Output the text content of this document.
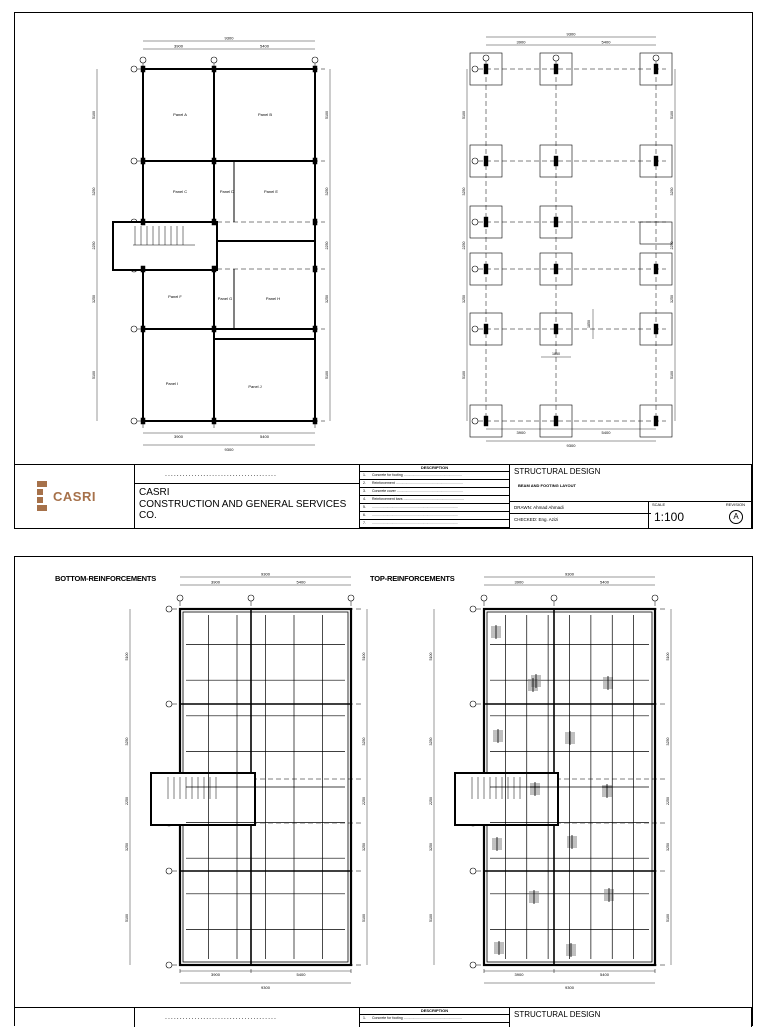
9300
3900	5400
3900	5400
9300
5100
3250
2250
3250
5100
5100
3250
2250
3250
5100
Panel A	Panel B
Panel C	Panel D	Panel E
Panel F	Panel G	Panel H
Panel I
Panel J
9300
3900	5400
3900	5400
9300
5100
3250
2250
3250
5100
5100
3250
2250
3250
5100
1850
1850
CASRI
......................................
CASRI
CONSTRUCTION AND GENERAL SERVICES CO.
DESCRIPTION
1. Concrete for footing ............................................................
2. Reinforcement .....................................................................
3. Concrete cover ....................................................................
4. Reinforcement bars ..............................................................
5. ........................................................................................
6. ........................................................................................
7. ........................................................................................
STRUCTURAL DESIGN
BEAM AND FOOTING LAYOUT
DRAWN: Ahmad Ahmadi
CHECKED: Eng. Azizi
SCALE
1:100
REVISION
A
9300
3900	5400
3900	5400
9300
5100
3250
2250
3250
5100
5100
3250
2250
3250
5100
9300
3900	5400
3900	5400
9300
5100
3250
2250
3250
5100
5100
3250
2250
3250
5100
BOTTOM-REINFORCEMENTS	TOP-REINFORCEMENTS
......................................
DESCRIPTION
1. Concrete for footing ............................................................	STRUCTURAL DESIGN
